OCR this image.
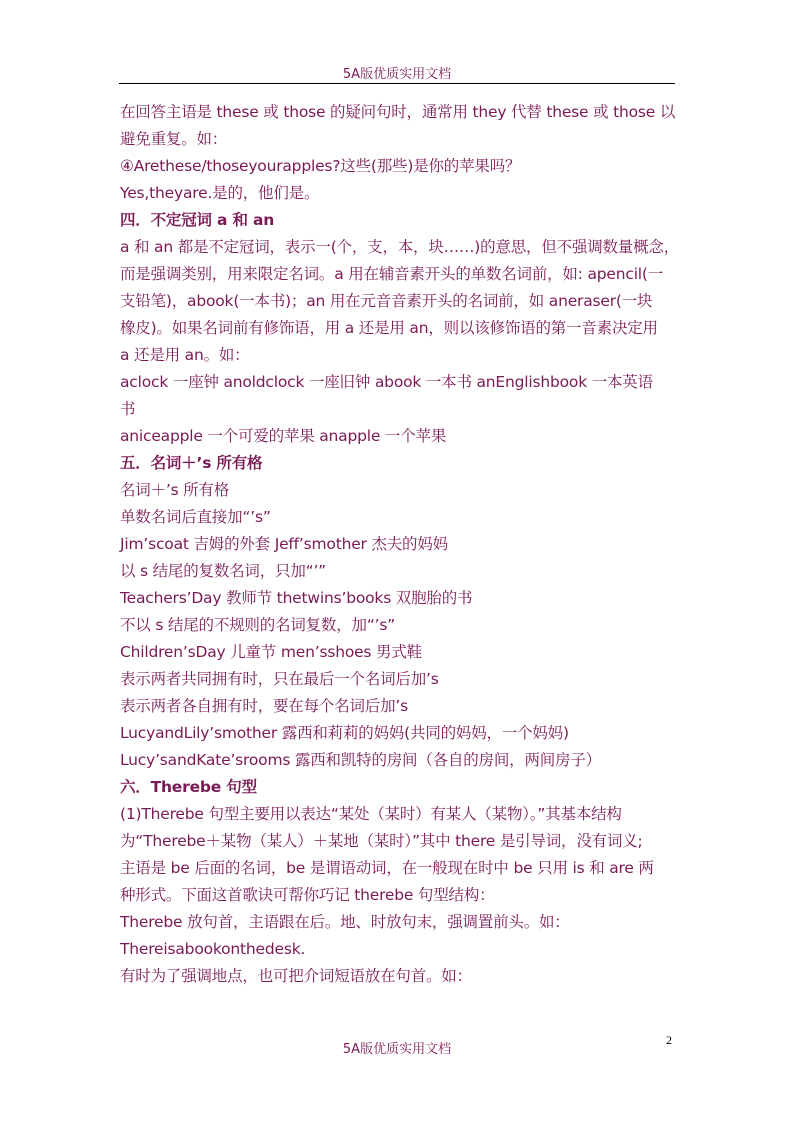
5A版优质实用文档
在回答主语是 these 或 those 的疑问句时，通常用 they 代替 these 或 those 以
避免重复。如：
④Arethese/thoseyourapples?这些(那些)是你的苹果吗？
Yes,theyare.是的，他们是。
四．不定冠词 a 和 an
a 和 an 都是不定冠词，表示一(个，支，本，块……)的意思，但不强调数量概念，
而是强调类别，用来限定名词。a 用在辅音素开头的单数名词前，如: apencil(一
支铅笔)，abook(一本书)；an 用在元音音素开头的名词前，如 aneraser(一块
橡皮)。如果名词前有修饰语，用 a 还是用 an，则以该修饰语的第一音素决定用
a 还是用 an。如：
aclock 一座钟 anoldclock 一座旧钟 abook 一本书 anEnglishbook 一本英语
书
aniceapple 一个可爱的苹果 anapple 一个苹果
五．名词＋’s 所有格
名词＋’s 所有格
单数名词后直接加“’s”
Jim’scoat 吉姆的外套 Jeff’smother 杰夫的妈妈
以 s 结尾的复数名词，只加“’”
Teachers’Day 教师节 thetwins’books 双胞胎的书
不以 s 结尾的不规则的名词复数，加“’s”
Children’sDay 儿童节 men’sshoes 男式鞋
表示两者共同拥有时，只在最后一个名词后加’s
表示两者各自拥有时，要在每个名词后加’s
LucyandLily’smother 露西和莉莉的妈妈(共同的妈妈，一个妈妈)
Lucy’sandKate’srooms 露西和凯特的房间（各自的房间，两间房子）
六．Therebe 句型
(1)Therebe 句型主要用以表达“某处（某时）有某人（某物）。”其基本结构
为“Therebe＋某物（某人）＋某地（某时）”其中 there 是引导词，没有词义;
主语是 be 后面的名词，be 是谓语动词，在一般现在时中 be 只用 is 和 are 两
种形式。下面这首歌诀可帮你巧记 therebe 句型结构：
Therebe 放句首，主语跟在后。地、时放句末，强调置前头。如：
Thereisabookonthedesk.
有时为了强调地点，也可把介词短语放在句首。如：
5A版优质实用文档
2
